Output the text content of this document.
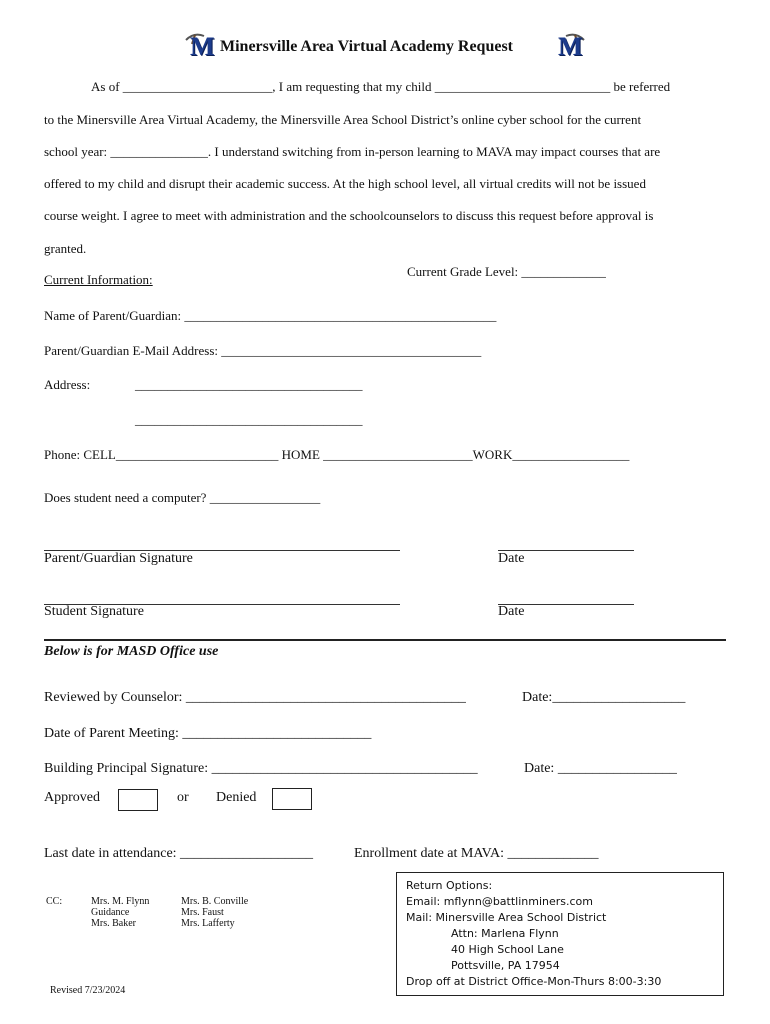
M Minersville Area Virtual Academy Request M
As of _______________________, I am requesting that my child ___________________________ be referred
to the Minersville Area Virtual Academy, the Minersville Area School District’s online cyber school for the current
school year: _______________. I understand switching from in-person learning to MAVA may impact courses that are
offered to my child and disrupt their academic success. At the high school level, all virtual credits will not be issued
course weight. I agree to meet with administration and the schoolcounselors to discuss this request before approval is
granted.
Current Information:
Current Grade Level: _____________
Name of Parent/Guardian: ________________________________________________
Parent/Guardian E-Mail Address: ________________________________________
Address:	___________________________________
___________________________________
Phone: CELL_________________________ HOME _______________________WORK__________________
Does student need a computer? _________________
Parent/Guardian Signature	Date
Student Signature	Date
Below is for MASD Office use
Reviewed by Counselor: ________________________________________	Date:___________________
Date of Parent Meeting: ___________________________
Building Principal Signature: ______________________________________	Date: _________________
Approved	or Denied
Last date in attendance: ___________________	Enrollment date at MAVA: _____________
CC:	Mrs. M. Flynn
Guidance
Mrs. Baker
Mrs. B. Conville
Mrs. Faust
Mrs. Lafferty
Revised 7/23/2024
Return Options:
Email: mflynn@battlinminers.com
Mail: Minersville Area School District
Attn: Marlena Flynn
40 High School Lane
Pottsville, PA 17954
Drop off at District Office-Mon-Thurs 8:00-3:30
